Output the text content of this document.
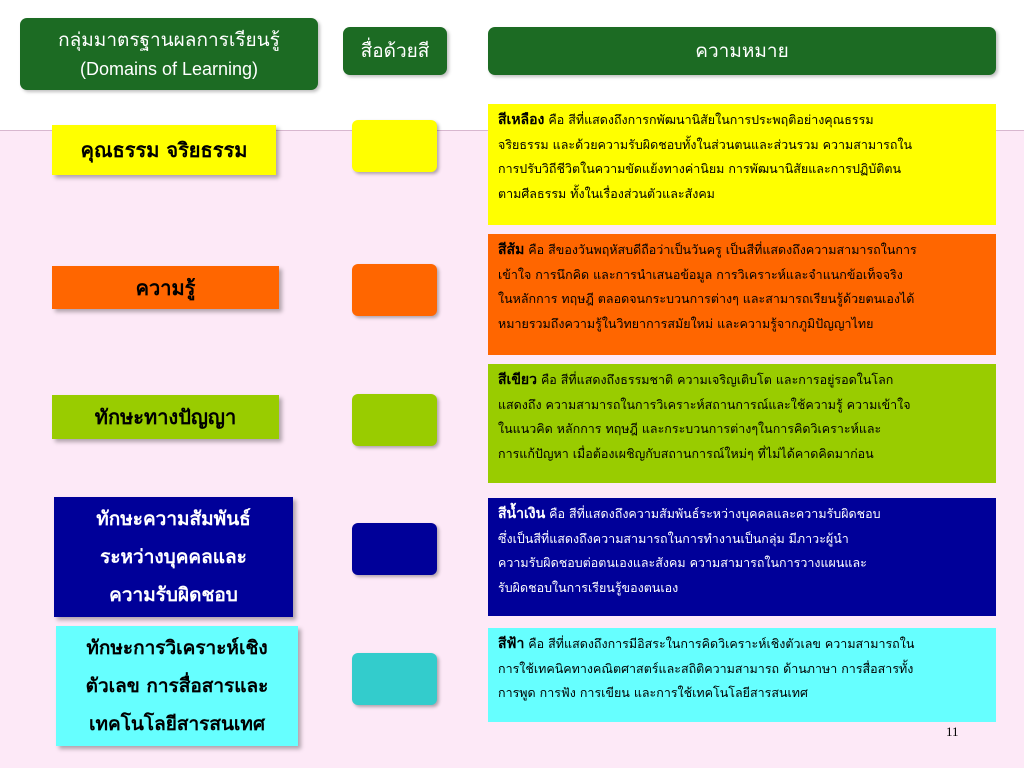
กลุ่มมาตรฐานผลการเรียนรู้
(Domains of Learning)
สื่อด้วยสี	ความหมาย
คุณธรรม จริยธรรม
ความรู้
ทักษะทางปัญญา
ทักษะความสัมพันธ์
ระหว่างบุคคลและ
ความรับผิดชอบ
ทักษะการวิเคราะห์เชิง
ตัวเลข การสื่อสารและ
เทคโนโลยีสารสนเทศ
สีเหลือง คือ สีที่แสดงถึงการกพัฒนานิสัยในการประพฤติอย่างคุณธรรม
จริยธรรม และด้วยความรับผิดชอบทั้งในส่วนตนและส่วนรวม ความสามารถใน
การปรับวิถีชีวิตในความขัดแย้งทางค่านิยม การพัฒนานิสัยและการปฏิบัติตน
ตามศีลธรรม ทั้งในเรื่องส่วนตัวและสังคม
สีส้ม คือ สีของวันพฤหัสบดีถือว่าเป็นวันครู เป็นสีที่แสดงถึงความสามารถในการ
เข้าใจ การนึกคิด และการนำเสนอข้อมูล การวิเคราะห์และจำแนกข้อเท็จจริง
ในหลักการ ทฤษฎี ตลอดจนกระบวนการต่างๆ และสามารถเรียนรู้ด้วยตนเองได้
หมายรวมถึงความรู้ในวิทยาการสมัยใหม่ และความรู้จากภูมิปัญญาไทย
สีเขียว คือ สีที่แสดงถึงธรรมชาติ ความเจริญเติบโต และการอยู่รอดในโลก
แสดงถึง ความสามารถในการวิเคราะห์สถานการณ์และใช้ความรู้ ความเข้าใจ
ในแนวคิด หลักการ ทฤษฎี และกระบวนการต่างๆในการคิดวิเคราะห์และ
การแก้ปัญหา เมื่อต้องเผชิญกับสถานการณ์ใหม่ๆ ที่ไม่ได้คาดคิดมาก่อน
สีน้ำเงิน คือ สีที่แสดงถึงความสัมพันธ์ระหว่างบุคคลและความรับผิดชอบ
ซึ่งเป็นสีที่แสดงถึงความสามารถในการทำงานเป็นกลุ่ม มีภาวะผู้นำ
ความรับผิดชอบต่อตนเองและสังคม ความสามารถในการวางแผนและ
รับผิดชอบในการเรียนรู้ของตนเอง
สีฟ้า คือ สีที่แสดงถึงการมีอิสระในการคิดวิเคราะห์เชิงตัวเลข ความสามารถใน
การใช้เทคนิคทางคณิตศาสตร์และสถิติความสามารถ ด้านภาษา การสื่อสารทั้ง
การพูด การฟัง การเขียน และการใช้เทคโนโลยีสารสนเทศ
11
